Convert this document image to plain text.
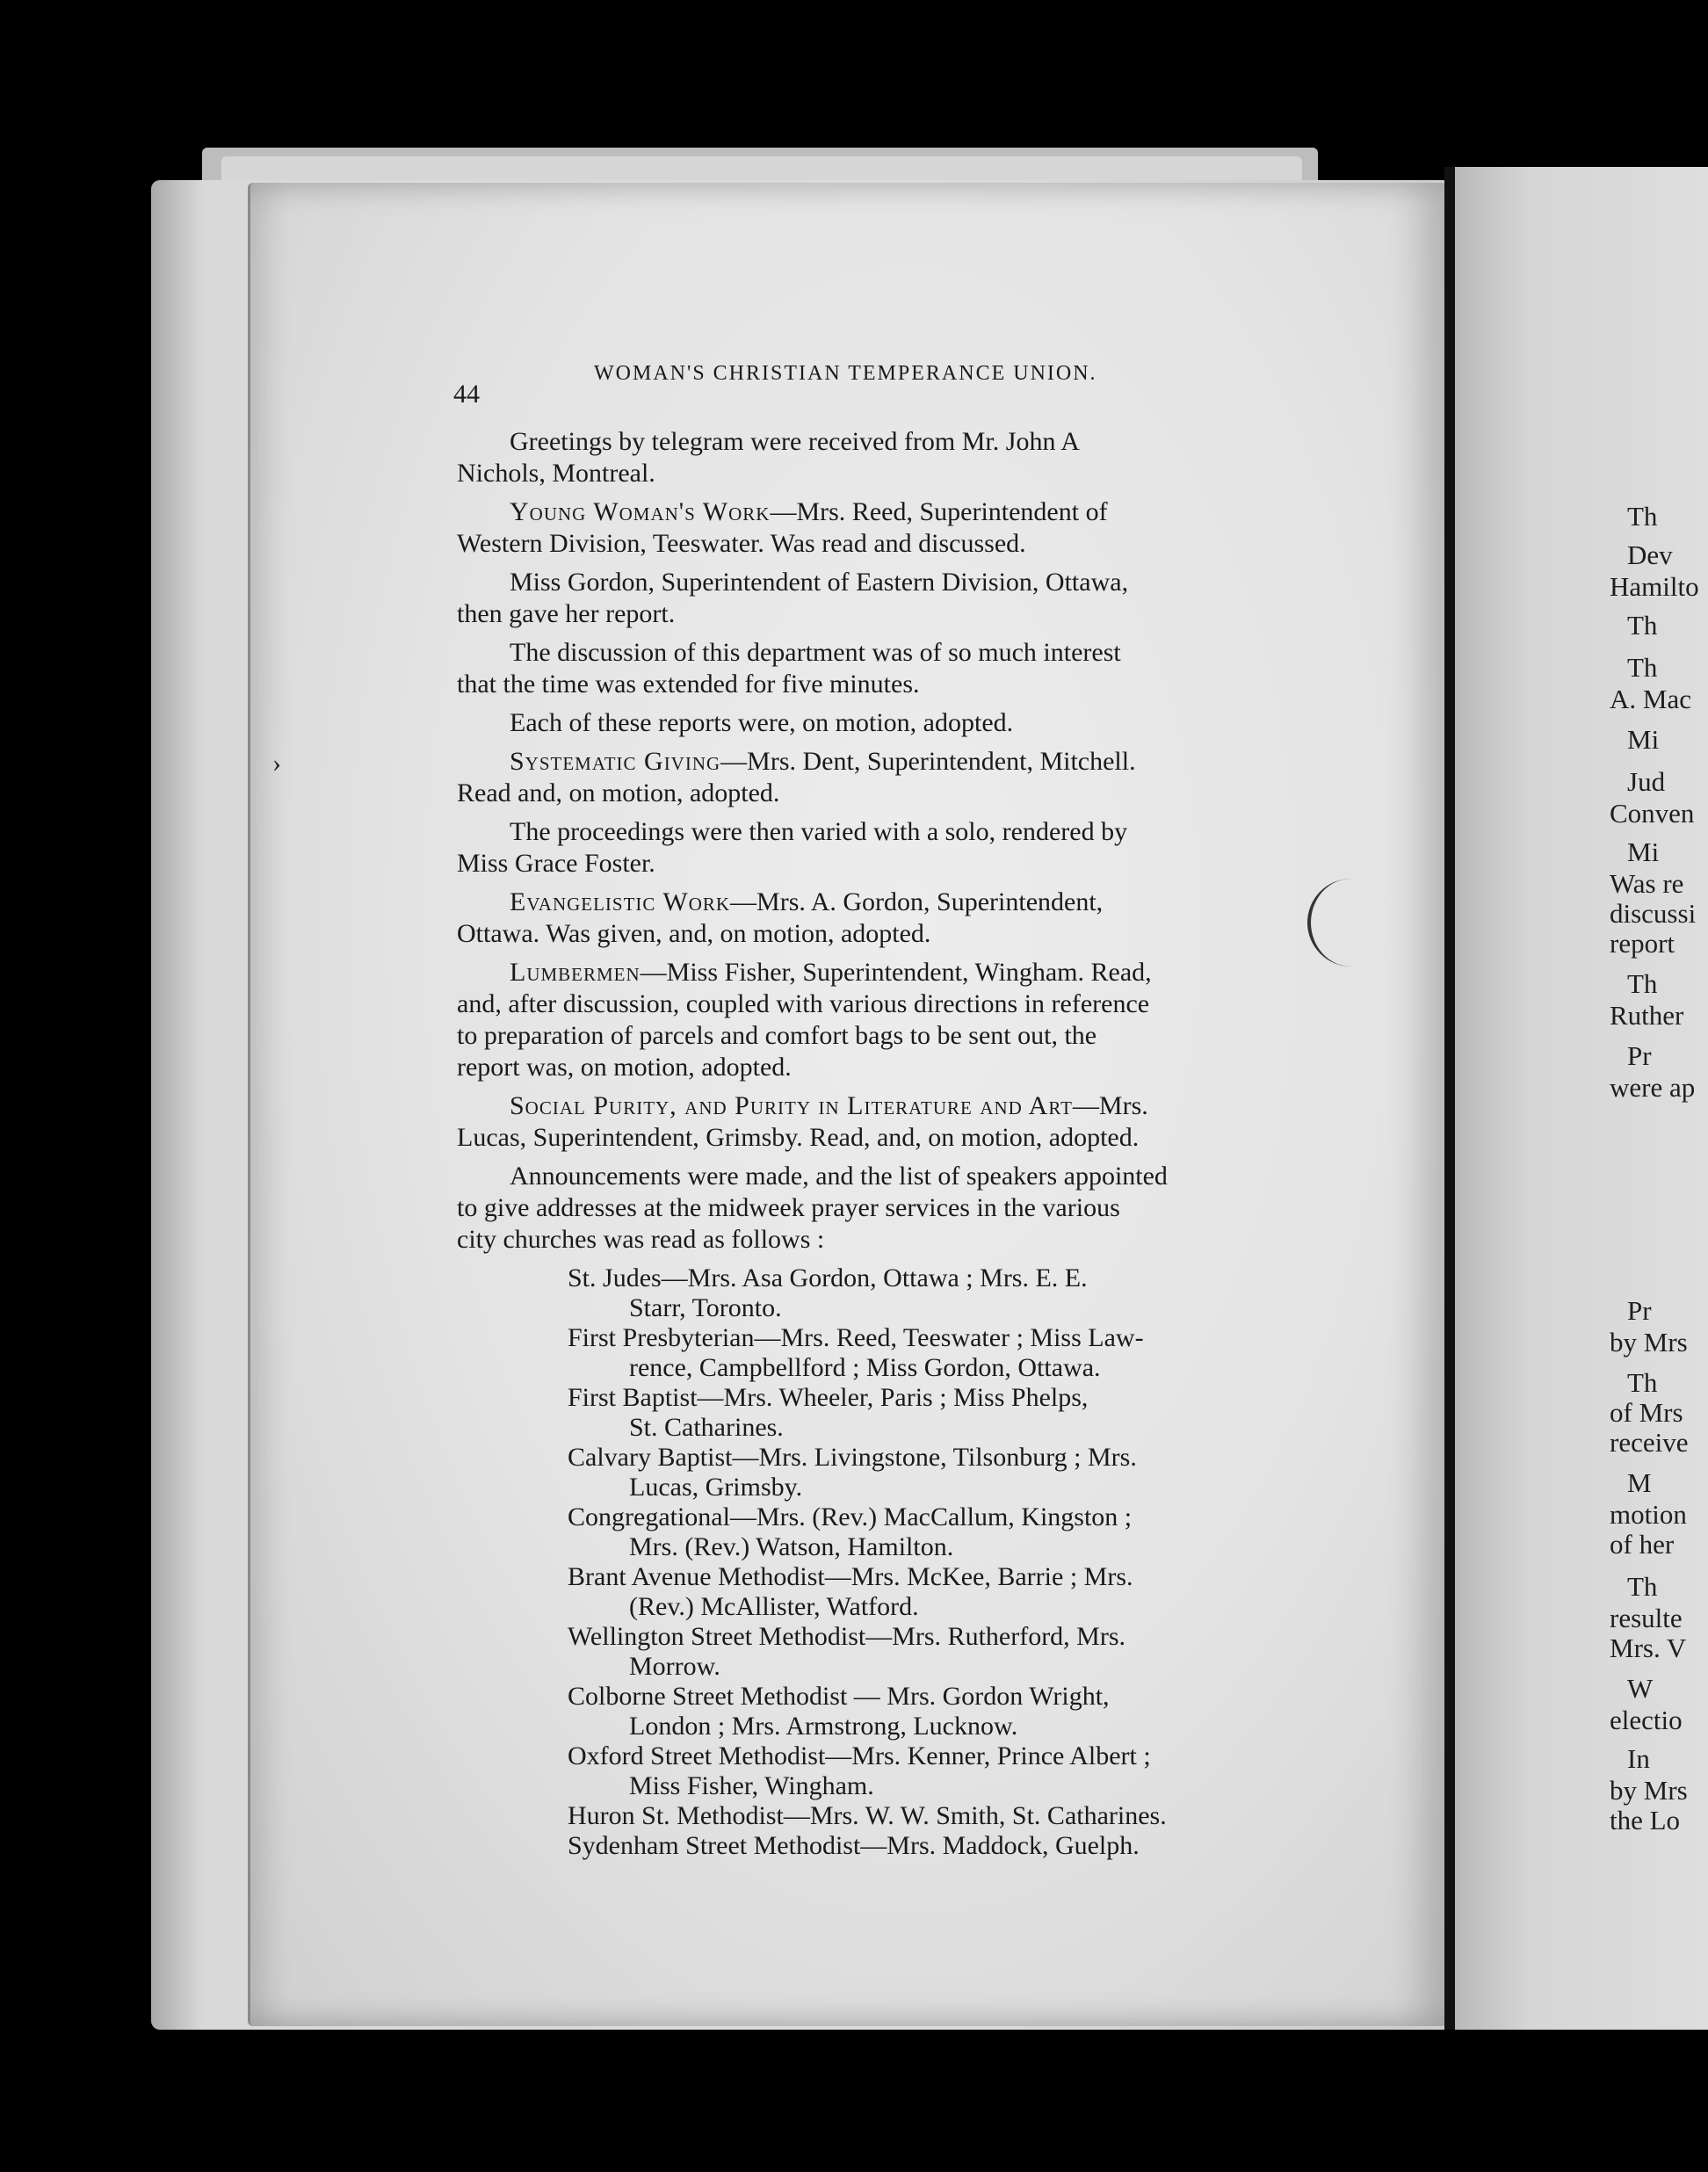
›
44
WOMAN'S CHRISTIAN TEMPERANCE UNION.

Greetings by telegram were received from Mr. John A

Nichols, Montreal.

Young Woman's Work—Mrs. Reed, Superintendent of

Western Division, Teeswater. Was read and discussed.

Miss Gordon, Superintendent of Eastern Division, Ottawa,

then gave her report.

The discussion of this department was of so much interest

that the time was extended for five minutes.

Each of these reports were, on motion, adopted.

Systematic Giving—Mrs. Dent, Superintendent, Mitchell.

Read and, on motion, adopted.

The proceedings were then varied with a solo, rendered by

Miss Grace Foster.

Evangelistic Work—Mrs. A. Gordon, Superintendent,

Ottawa. Was given, and, on motion, adopted.

Lumbermen—Miss Fisher, Superintendent, Wingham. Read,

and, after discussion, coupled with various directions in reference

to preparation of parcels and comfort bags to be sent out, the

report was, on motion, adopted.

Social Purity, and Purity in Literature and Art—Mrs.

Lucas, Superintendent, Grimsby. Read, and, on motion, adopted.

Announcements were made, and the list of speakers appointed

to give addresses at the midweek prayer services in the various

city churches was read as follows :

St. Judes—Mrs. Asa Gordon, Ottawa ; Mrs. E. E.

Starr, Toronto.

First Presbyterian—Mrs. Reed, Teeswater ; Miss Law-

rence, Campbellford ; Miss Gordon, Ottawa.

First Baptist—Mrs. Wheeler, Paris ; Miss Phelps,

St. Catharines.

Calvary Baptist—Mrs. Livingstone, Tilsonburg ; Mrs.

Lucas, Grimsby.

Congregational—Mrs. (Rev.) MacCallum, Kingston ;

Mrs. (Rev.) Watson, Hamilton.

Brant Avenue Methodist—Mrs. McKee, Barrie ; Mrs.

(Rev.) McAllister, Watford.

Wellington Street Methodist—Mrs. Rutherford, Mrs.

Morrow.

Colborne Street Methodist — Mrs. Gordon Wright,

London ; Mrs. Armstrong, Lucknow.

Oxford Street Methodist—Mrs. Kenner, Prince Albert ;

Miss Fisher, Wingham.

Huron St. Methodist—Mrs. W. W. Smith, St. Catharines.

Sydenham Street Methodist—Mrs. Maddock, Guelph.

Th

Dev

Hamilto

Th

Th

A. Mac

Mi

Jud

Conven

Mi

Was re

discussi

report

Th

Ruther

Pr

were ap

Pr

by Mrs

Th

of Mrs

receive

M

motion

of her

Th

resulte

Mrs. V

W

electio

In

by Mrs

the Lo
